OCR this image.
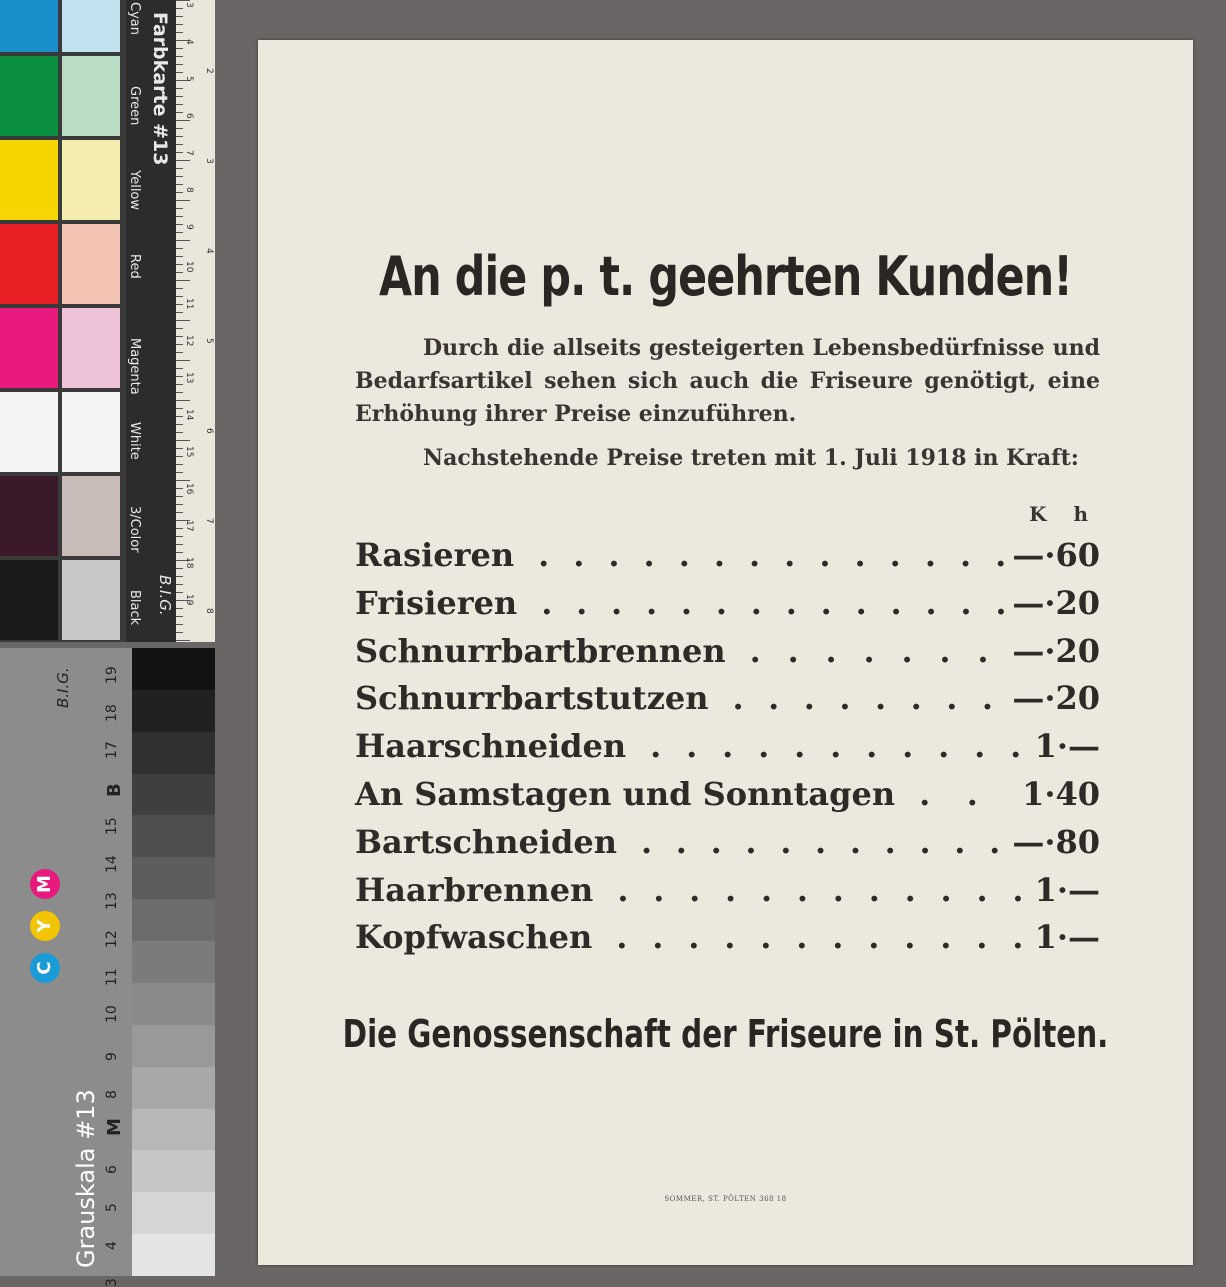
Farbkarte #13
Cyan
Green
Yellow
Red
Magenta
White
3/Color
Black B.I.G.
3
4
5
6
7
8
9
10
11
12
13
14
15
16
17
18
19
2
3
4
5
6
7
8
Grauskala #13
B.I.G.
C
Y
M
19
18
17
B
15
14
13
12
11
10
9
8
M
6
5
4
3
An die p. t. geehrten Kunden!
Durch die allseits gesteigerten Lebensbedürfnisse und Bedarfsartikel sehen sich auch die Friseure genötigt, eine Erhöhung ihrer Preise einzuführen.
Nachstehende Preise treten mit 1. Juli 1918 in Kraft:
K h
Rasieren	—·60
..............
Frisieren	—·20
..............
Schnurrbartbrennen	—·20
.......
Schnurrbartstutzen	—·20
........
Haarschneiden	1·—
...........
An Samstagen und Sonntagen	1·40
..
Bartschneiden	—·80
...........
Haarbrennen	1·—
............
Kopfwaschen	1·—
............
Die Genossenschaft der Friseure in St. Pölten.
SOMMER, ST. PÖLTEN 368 18
